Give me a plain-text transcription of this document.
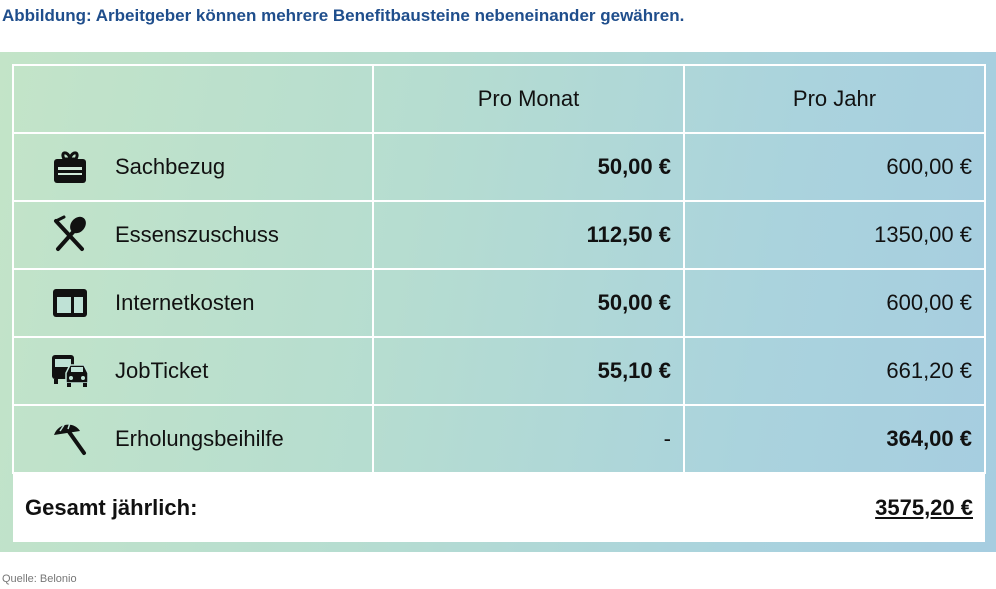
Abbildung: Arbeitgeber können mehrere Benefitbausteine nebeneinander gewähren.
	Pro Monat	Pro Jahr

Sachbezug	50,00 €	600,00 €

Essenszuschuss	112,50 €	1350,00 €

Internetkosten	50,00 €	600,00 €

JobTicket	55,10 €	661,20 €

Erholungsbeihilfe	-	364,00 €
Gesamt jährlich:		3575,20 €
Quelle: Belonio
